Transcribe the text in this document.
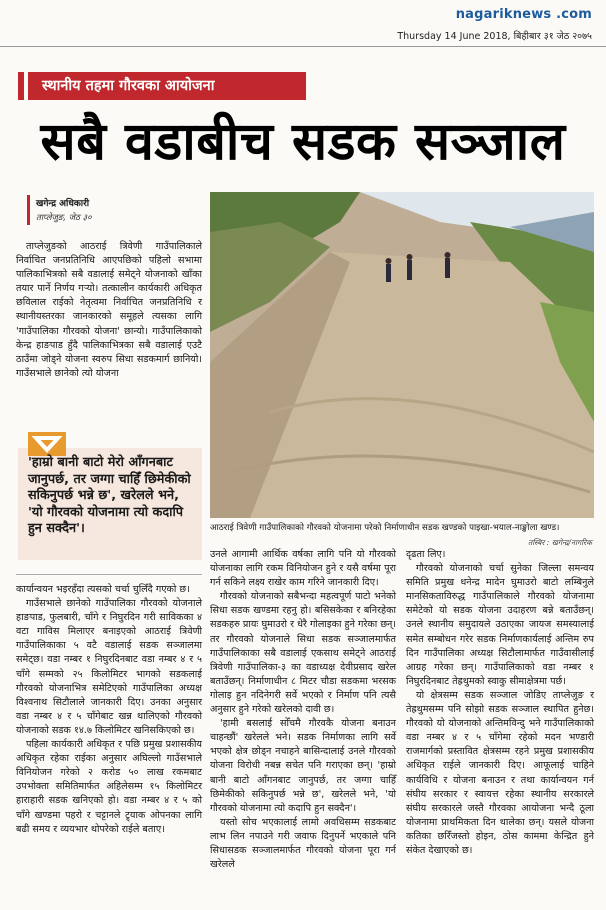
nagariknews .com
Thursday 14 June 2018, बिहीबार ३१ जेठ २०७५
स्थानीय तहमा गौरवका आयोजना
सबै वडाबीच सडक सञ्जाल
खगेन्द्र अधिकारी
ताप्लेजुङ, जेठ ३०

ताप्लेजुङको आठराई त्रिवेणी गाउँपालिकाले निर्वाचित जनप्रतिनिधि आएपछिको पहिलो सभामा पालिकाभित्रको सबै वडालाई समेट्ने योजनाको खाँका तयार पार्ने निर्णय गर्‍यो। तत्कालीन कार्यकारी अधिकृत छविलाल राईको नेतृत्वमा निर्वाचित जनप्रतिनिधि र स्थानीयस्तरका जानकारको समूहले त्यसका लागि 'गाउँपालिका गौरवको योजना' छान्यो। गाउँपालिकाको केन्द्र हाङपाड हुँदै पालिकाभित्रका सबै वडालाई एउटै ठाउँमा जोड्ने योजना स्वरुप सिधा सडकमार्ग छानियो। गाउँसभाले छानेको त्यो योजना

'हाम्रो बानी बाटो मेरो आँगनबाट जानुपर्छ, तर जग्गा चाहिँ छिमेकीको सकिनुपर्छ भन्ने छ', खरेलले भने, 'यो गौरवको योजनामा त्यो कदापि हुन सक्दैन'।	आठराई त्रिवेणी गाउँपालिकाको गौरवको योजनामा परेको निर्माणाधीन सडक खण्डको पाइखा-भयाल-नाङ्खोला खण्ड।
तस्बिर : खगेन्द्र/नागरिक

कार्यान्वयन भइरहँदा त्यसको चर्चा चुलिँदै गएको छ।

गाउँसभाले छानेको गाउँपालिका गौरवको योजनाले हाङपाड, फुलबारी, चाँगे र निघुरदिन गरी साविकका ४ वटा गाविस मिलाएर बनाइएको आठराई त्रिवेणी गाउँपालिकाका ५ वटै वडालाई सडक सञ्जालमा समेट्छ। वडा नम्बर १ निघुरदिनबाट वडा नम्बर ४ र ५ चाँगे सम्मको २५ किलोमिटर भागको सडकलाई गौरवको योजनाभित्र समेटिएको गाउँपालिका अध्यक्ष विश्वनाथ सिटौलाले जानकारी दिए। उनका अनुसार वडा नम्बर ४ र ५ चाँगेबाट खन्न थालिएको गौरवको योजनाको सडक १४.७ किलोमिटर खनिसकिएको छ।

पहिला कार्यकारी अधिकृत र पछि प्रमुख प्रशासकीय अधिकृत रहेका राईका अनुसार अघिल्लो गाउँसभाले विनियोजन गरेको २ करोड ५० लाख रकमबाट उपभोक्ता समितिमार्फत अहिलेसम्म १५ किलोमिटर हाराहारी सडक खनिएको हो। वडा नम्बर ४ र ५ को चाँगे खण्डमा पहरो र चट्टानले ट्र्याक ओपनका लागि बढी समय र व्ययभार थोपरेको राईले बताए।

उनले आगामी आर्थिक वर्षका लागि पनि यो गौरवको योजनाका लागि रकम विनियोजन हुने र यसै वर्षमा पूरा गर्न सकिने लक्ष्य राखेर काम गरिने जानकारी दिए।

गौरवको योजनाको सबैभन्दा महत्वपूर्ण पाटो भनेको सिधा सडक खण्डमा रहनु हो। बसिसकेका र बनिरहेका सडकहरु प्रायः घुमाउरो र धेरै गोलाइका हुने गरेका छन्। तर गौरवको योजनाले सिधा सडक सञ्जालमार्फत गाउँपालिकाका सबै वडालाई एकसाथ समेट्ने आठराई त्रिवेणी गाउँपालिका-३ का वडाध्यक्ष देवीप्रसाद खरेल बताउँछन्। निर्माणाधीन ८ मिटर चौडा सडकमा भरसक गोलाइ हुन नदिनेगरी सर्वे भएको र निर्माण पनि त्यसै अनुसार हुने गरेको खरेलको दावी छ।

'हामी बसलाई सोँचमै गौरवकै योजना बनाउन चाहन्छौं' खरेलले भने। सडक निर्माणका लागि सर्वे भएको क्षेत्र छोड्न नचाहने बासिन्दालाई उनले गौरवको योजना विरोधी नबन्न सचेत पनि गराएका छन्। 'हाम्रो बानी बाटो आँगनबाट जानुपर्छ, तर जग्गा चाहिँ छिमेकीको सकिनुपर्छ भन्ने छ', खरेलले भने, 'यो गौरवको योजनामा त्यो कदापि हुन सक्दैन'।

यस्तो सोच भएकालाई लामो अवधिसम्म सडकबाट लाभ लिन नपाउने गरी जवाफ दिनुपर्ने भएकाले पनि सिधासडक सञ्जालमार्फत गौरवको योजना पूरा गर्न खरेलले

दृढता लिए।

गौरवको योजनाको चर्चा सुनेका जिल्ला समन्वय समिति प्रमुख धनेन्द्र मादेन घुमाउरो बाटो लम्बिनुले मानसिकताविरुद्ध गाउँपालिकाले गौरवको योजनामा समेटेको यो सडक योजना उदाहरण बन्ने बताउँछन्। उनले स्थानीय समुदायले उठाएका जायज समस्यालाई समेत सम्बोधन गरेर सडक निर्माणकार्यलाई अन्तिम रुप दिन गाउँपालिका अध्यक्ष सिटौलामार्फत गाउँवासीलाई आग्रह गरेका छन्। गाउँपालिकाको वडा नम्बर १ निघुरदिनबाट तेह्रथुमको स्वाकु सीमाक्षेत्रमा पर्छ।

यो क्षेत्रसम्म सडक सञ्जाल जोडिए ताप्लेजुङ र तेह्रथुमसम्म पनि सोझो सडक सञ्जाल स्थापित हुनेछ। गौरवको यो योजनाको अन्तिमविन्दु भने गाउँपालिकाको वडा नम्बर ४ र ५ चाँगेमा रहेको मदन भण्डारी राजमार्गको प्रस्तावित क्षेत्रसम्म रहने प्रमुख प्रशासकीय अधिकृत राईले जानकारी दिए। आफूलाई चाहिने कार्यविधि र योजना बनाउन र तथा कार्यान्वयन गर्न संघीय सरकार र स्वायत्त रहेका स्थानीय सरकारले संघीय सरकारले जस्तै गौरवका आयोजना भन्दै ठूला योजनामा प्राथमिकता दिन थालेका छन्। यसले योजना कतिका छरिँजस्तो होइन, ठोस काममा केन्द्रित हुने संकेत देखाएको छ।
